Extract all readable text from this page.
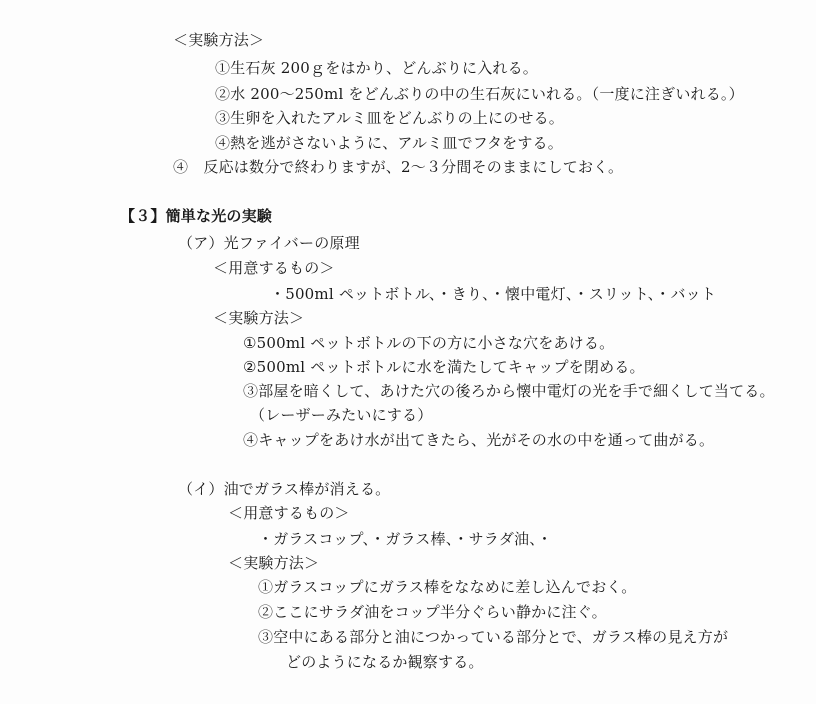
＜実験方法＞
①生石灰 200ｇをはかり、どんぶりに入れる。
②水 200～250ml をどんぶりの中の生石灰にいれる。（一度に注ぎいれる。）
③生卵を入れたアルミ皿をどんぶりの上にのせる。
④熱を逃がさないように、アルミ皿でフタをする。
④　反応は数分で終わりますが、2～３分間そのままにしておく。
【３】簡単な光の実験
（ア）光ファイバーの原理
＜用意するもの＞
・500ml ペットボトル、・きり、・懐中電灯、・スリット、・バット
＜実験方法＞
①500ml ペットボトルの下の方に小さな穴をあける。
②500ml ペットボトルに水を満たしてキャップを閉める。
③部屋を暗くして、あけた穴の後ろから懐中電灯の光を手で細くして当てる。
（レーザーみたいにする）
④キャップをあけ水が出てきたら、光がその水の中を通って曲がる。
（イ）油でガラス棒が消える。
＜用意するもの＞
・ガラスコップ、・ガラス棒、・サラダ油、・
＜実験方法＞
①ガラスコップにガラス棒をななめに差し込んでおく。
②ここにサラダ油をコップ半分ぐらい静かに注ぐ。
③空中にある部分と油につかっている部分とで、ガラス棒の見え方が
どのようになるか観察する。
